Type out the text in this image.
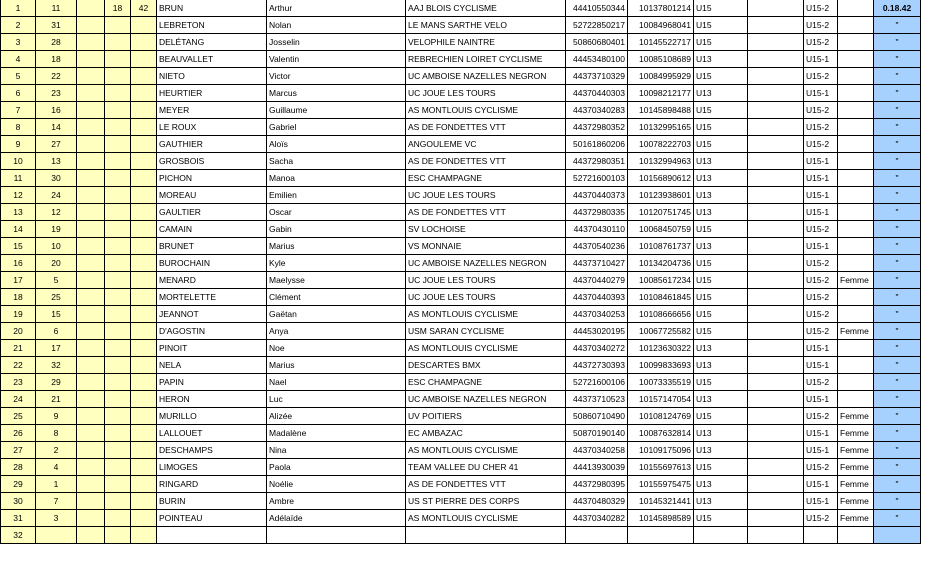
1	11		18	42	BRUN	Arthur	AAJ BLOIS CYCLISME	44410550344	10137801214	U15		U15-2		0.18.42
2	31				LEBRETON	Nolan	LE MANS SARTHE VELO	52722850217	10084968041	U15		U15-2		"
3	28				DELÉTANG	Josselin	VELOPHILE NAINTRE	50860680401	10145522717	U15		U15-2		"
4	18				BEAUVALLET	Valentin	REBRECHIEN LOIRET CYCLISME	44453480100	10085108689	U13		U15-1		"
5	22				NIETO	Victor	UC AMBOISE NAZELLES NEGRON	44373710329	10084995929	U15		U15-2		"
6	23				HEURTIER	Marcus	UC JOUE LES TOURS	44370440303	10098212177	U13		U15-1		"
7	16				MEYER	Guillaume	AS MONTLOUIS CYCLISME	44370340283	10145898488	U15		U15-2		"
8	14				LE ROUX	Gabriel	AS DE FONDETTES VTT	44372980352	10132995165	U15		U15-2		"
9	27				GAUTHIER	Aloïs	ANGOULEME VC	50161860206	10078222703	U15		U15-2		"
10	13				GROSBOIS	Sacha	AS DE FONDETTES VTT	44372980351	10132994963	U13		U15-1		"
11	30				PICHON	Manoa	ESC CHAMPAGNE	52721600103	10156890612	U13		U15-1		"
12	24				MOREAU	Emilien	UC JOUE LES TOURS	44370440373	10123938601	U13		U15-1		"
13	12				GAULTIER	Oscar	AS DE FONDETTES VTT	44372980335	10120751745	U13		U15-1		"
14	19				CAMAIN	Gabin	SV LOCHOISE	44370430110	10068450759	U15		U15-2		"
15	10				BRUNET	Marius	VS MONNAIE	44370540236	10108761737	U13		U15-1		"
16	20				BUROCHAIN	Kyle	UC AMBOISE NAZELLES NEGRON	44373710427	10134204736	U15		U15-2		"
17	5				MENARD	Maelysse	UC JOUE LES TOURS	44370440279	10085617234	U15		U15-2	Femme	"
18	25				MORTELETTE	Clément	UC JOUE LES TOURS	44370440393	10108461845	U15		U15-2		"
19	15				JEANNOT	Gaëtan	AS MONTLOUIS CYCLISME	44370340253	10108666656	U15		U15-2		"
20	6				D'AGOSTIN	Anya	USM SARAN CYCLISME	44453020195	10067725582	U15		U15-2	Femme	"
21	17				PINOIT	Noe	AS MONTLOUIS CYCLISME	44370340272	10123630322	U13		U15-1		"
22	32				NELA	Marius	DESCARTES BMX	44372730393	10099833693	U13		U15-1		"
23	29				PAPIN	Nael	ESC CHAMPAGNE	52721600106	10073335519	U15		U15-2		"
24	21				HERON	Luc	UC AMBOISE NAZELLES NEGRON	44373710523	10157147054	U13		U15-1		"
25	9				MURILLO	Alizée	UV POITIERS	50860710490	10108124769	U15		U15-2	Femme	"
26	8				LALLOUET	Madalène	EC AMBAZAC	50870190140	10087632814	U13		U15-1	Femme	"
27	2				DESCHAMPS	Nina	AS MONTLOUIS CYCLISME	44370340258	10109175096	U13		U15-1	Femme	"
28	4				LIMOGES	Paola	TEAM VALLEE DU CHER 41	44413930039	10155697613	U15		U15-2	Femme	"
29	1				RINGARD	Noélie	AS DE FONDETTES VTT	44372980395	10155975475	U13		U15-1	Femme	"
30	7				BURIN	Ambre	US ST PIERRE DES CORPS	44370480329	10145321441	U13		U15-1	Femme	"
31	3				POINTEAU	Adélaïde	AS MONTLOUIS CYCLISME	44370340282	10145898589	U15		U15-2	Femme	"
32														
